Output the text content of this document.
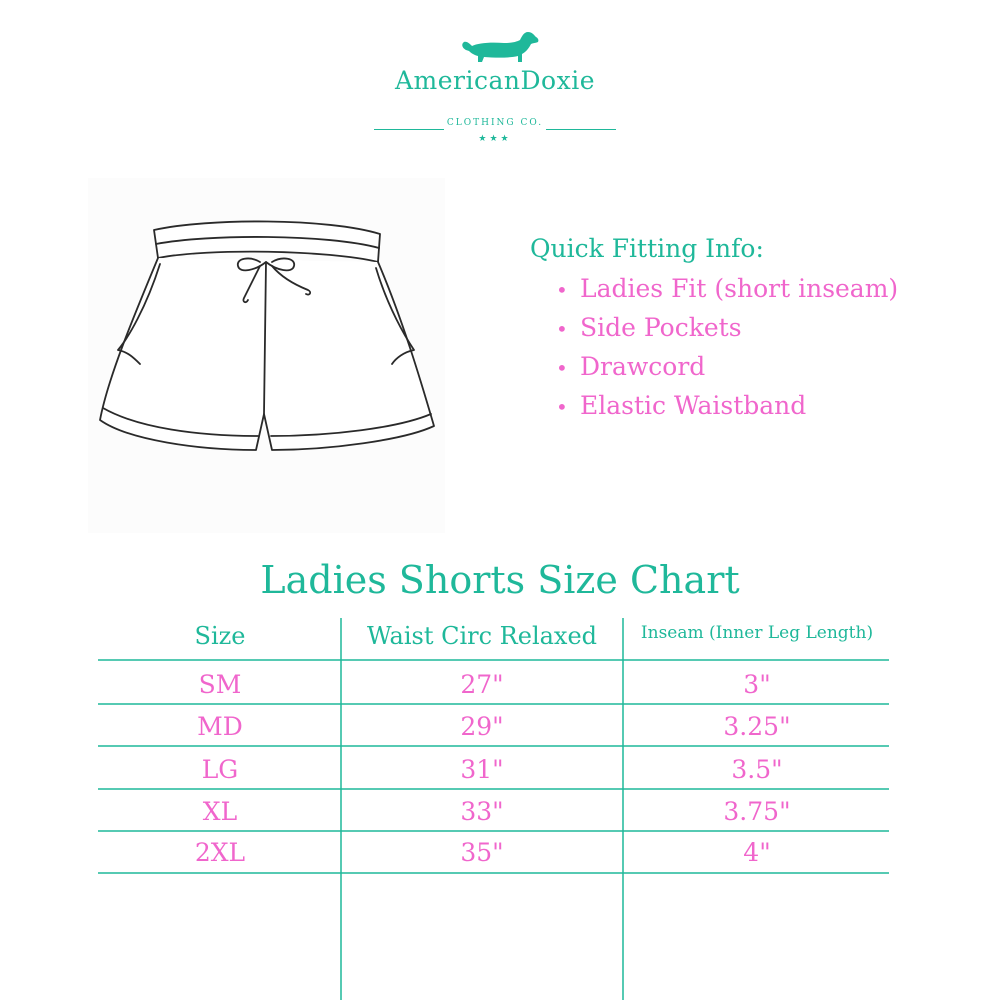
AmericanDoxie
CLOTHING CO.
★★★

Quick Fitting Info:

• Ladies Fit (short inseam)
• Side Pockets
• Drawcord
• Elastic Waistband
Ladies Shorts Size Chart
Size	Waist Circ Relaxed	Inseam (Inner Leg Length)
SM	27"	3"
MD	29"	3.25"
LG	31"	3.5"
XL	33"	3.75"
2XL	35"	4"
